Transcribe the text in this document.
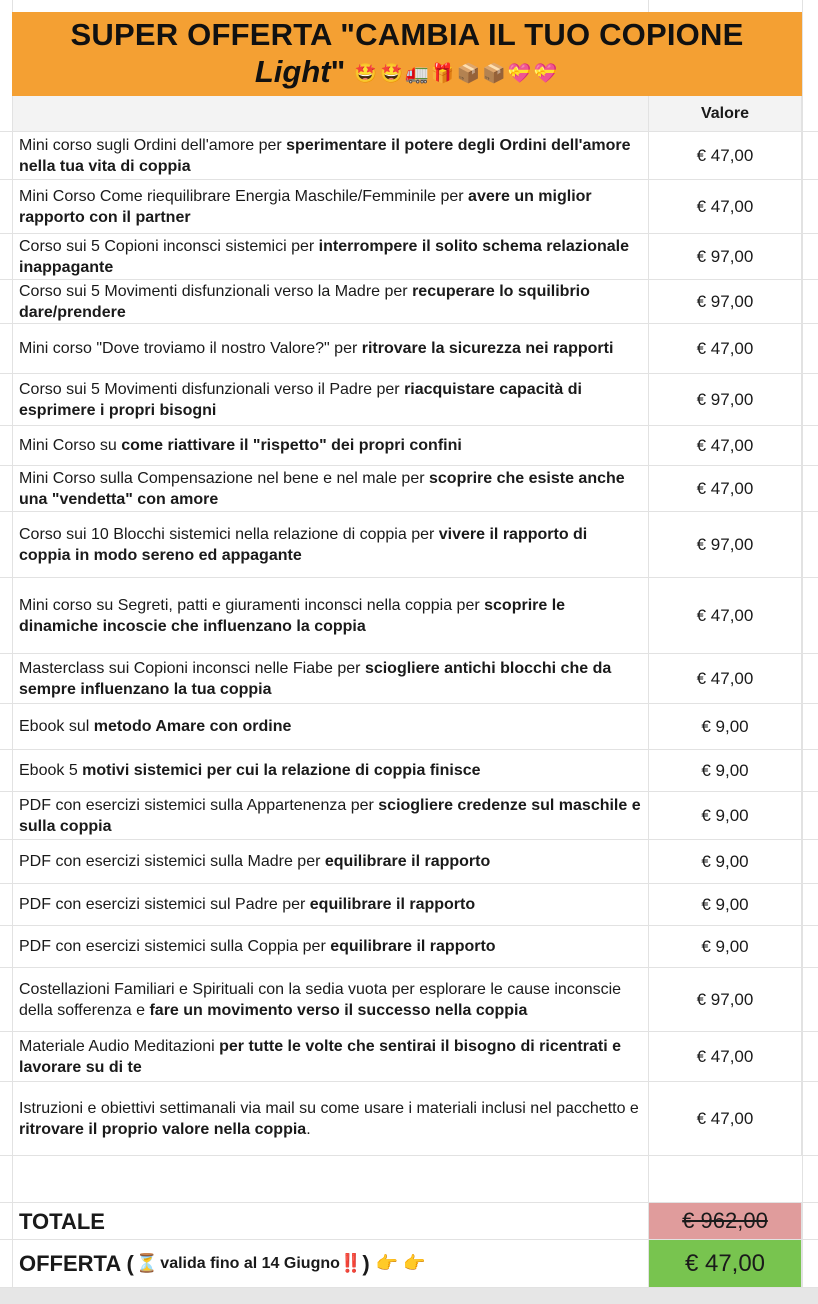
SUPER OFFERTA "CAMBIA IL TUO COPIONE
Light" 🤩🤩🚛🎁📦📦💝💝
Valore
Mini corso sugli Ordini dell'amore per sperimentare il potere degli Ordini dell'amore nella tua vita di coppia
€ 47,00
Mini Corso Come riequilibrare Energia Maschile/Femminile per avere un miglior rapporto con il partner
€ 47,00
Corso sui 5 Copioni inconsci sistemici per interrompere il solito schema relazionale inappagante
€ 97,00
Corso sui 5 Movimenti disfunzionali verso la Madre per recuperare lo squilibrio dare/prendere
€ 97,00
Mini corso "Dove troviamo il nostro Valore?" per ritrovare la sicurezza nei rapporti	€ 47,00
Corso sui 5 Movimenti disfunzionali verso il Padre per riacquistare capacità di esprimere i propri bisogni
€ 97,00
Mini Corso su come riattivare il "rispetto" dei propri confini	€ 47,00
Mini Corso sulla Compensazione nel bene e nel male per scoprire che esiste anche una "vendetta" con amore
€ 47,00
Corso sui 10 Blocchi sistemici nella relazione di coppia per vivere il rapporto di coppia in modo sereno ed appagante
€ 97,00
Mini corso su Segreti, patti e giuramenti inconsci nella coppia per scoprire le dinamiche incoscie che influenzano la coppia
€ 47,00
Masterclass sui Copioni inconsci nelle Fiabe per sciogliere antichi blocchi che da sempre influenzano la tua coppia
€ 47,00
Ebook sul metodo Amare con ordine	€ 9,00
Ebook 5 motivi sistemici per cui la relazione di coppia finisce	€ 9,00
PDF con esercizi sistemici sulla Appartenenza per sciogliere credenze sul maschile e sulla coppia
€ 9,00
PDF con esercizi sistemici sulla Madre per equilibrare il rapporto	€ 9,00
PDF con esercizi sistemici sul Padre per equilibrare il rapporto	€ 9,00
PDF con esercizi sistemici sulla Coppia per equilibrare il rapporto	€ 9,00
Costellazioni Familiari e Spirituali con la sedia vuota per esplorare le cause inconscie della sofferenza e fare un movimento verso il successo nella coppia
€ 97,00
Materiale Audio Meditazioni per tutte le volte che sentirai il bisogno di ricentrati e lavorare su di te
€ 47,00
Istruzioni e obiettivi settimanali via mail su come usare i materiali inclusi nel pacchetto e ritrovare il proprio valore nella coppia.
€ 47,00
TOTALE	€ 962,00
OFFERTA ( ⏳ valida fino al 14 Giugno ‼️ ) 👉 👉	€ 47,00
